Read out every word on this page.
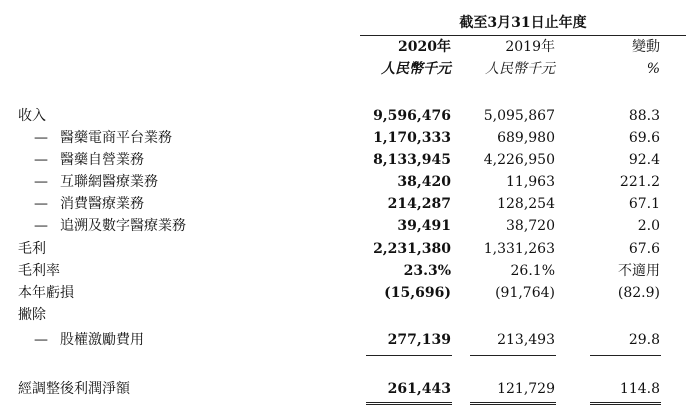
截至3月31日止年度
2020年	2019年	變動
人民幣千元 人民幣千元	%
收入	9,596,476 5,095,867	88.3
— 醫藥電商平台業務	1,170,333	689,980	69.6
— 醫藥自營業務	8,133,945 4,226,950	92.4
— 互聯網醫療業務	38,420	11,963	221.2
— 消費醫療業務	214,287	128,254	67.1
— 追溯及數字醫療業務	39,491	38,720	2.0
毛利	2,231,380 1,331,263	67.6
毛利率	23.3%	26.1%	不適用
本年虧損	(15,696)	(91,764)	(82.9)
撇除
— 股權激勵費用	277,139	213,493	29.8
經調整後利潤淨額	261,443	121,729	114.8
